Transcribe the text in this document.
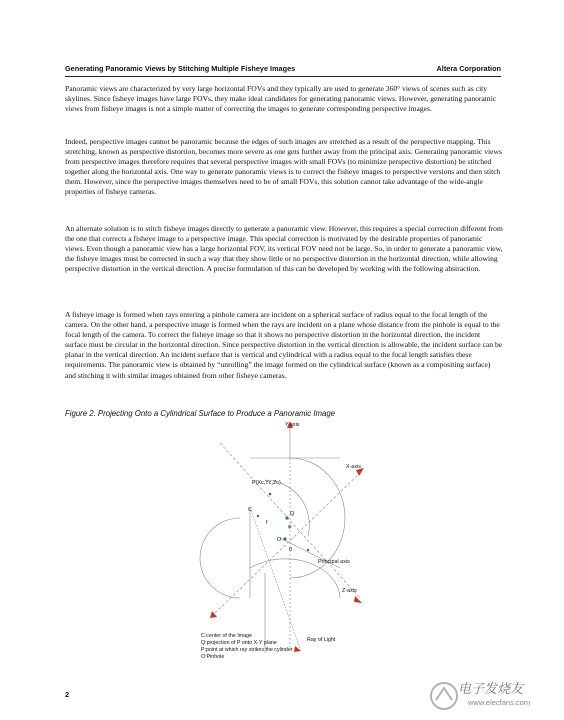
Generating Panoramic Views by Stitching Multiple Fisheye Images	Altera Corporation

Panoramic views are characterized by very large horizontal FOVs and they typically are used to generate 360° views of scenes such as city skylines. Since fisheye images have large FOVs, they make ideal candidates for generating panoramic views. However, generating panoramic views from fisheye images is not a simple matter of correcting the images to generate corresponding perspective images.

Indeed, perspective images cannot be panoramic because the edges of such images are stretched as a result of the perspective mapping. This stretching, known as perspective distortion, becomes more severe as one gets further away from the principal axis. Generating panoramic views from perspective images therefore requires that several perspective images with small FOVs (to minimize perspective distortion) be stitched together along the horizontal axis. One way to generate panoramic views is to correct the fisheye images to perspective versions and then stitch them. However, since the perspective images themselves need to be of small FOVs, this solution cannot take advantage of the wide-angle properties of fisheye cameras.

An alternate solution is to stitch fisheye images directly to generate a panoramic view. However, this requires a special correction different from the one that corrects a fisheye image to a perspective image. This special correction is motivated by the desirable properties of panoramic views. Even though a panoramic view has a large horizontal FOV, its vertical FOV need not be large. So, in order to generate a panoramic view, the fisheye images must be corrected in such a way that they show little or no perspective distortion in the horizontal direction, while allowing perspective distortion in the vertical direction. A precise formulation of this can be developed by working with the following abstraction.

A fisheye image is formed when rays entering a pinhole camera are incident on a spherical surface of radius equal to the focal length of the camera. On the other hand, a perspective image is formed when the rays are incident on a plane whose distance from the pinhole is equal to the focal length of the camera. To correct the fisheye image so that it shows no perspective distortion in the horizontal direction, the incident surface must be circular in the horizontal direction. Since perspective distortion in the vertical direction is allowable, the incident surface can be planar in the vertical direction. An incident surface that is vertical and cylindrical with a radius equal to the focal length satisfies these requirements. The panoramic view is obtained by “unrolling” the image formed on the cylindrical surface (known as a compositing surface) and stitching it with similar images obtained from other fisheye cameras.

Figure 2. Projecting Onto a Cylindrical Surface to Produce a Panoramic Image
Y-axis
X-axis
Z-axis
P(Xc,Yc,Zc)
C
Q
f
φ
O
θ
Principal axis
C:center of the Image
Q:projection of P onto X-Y plane
P:point at which ray strikes the cylinder
O:Pinhole
Ray of Light
2	电子发烧友
www.elecfans.com
